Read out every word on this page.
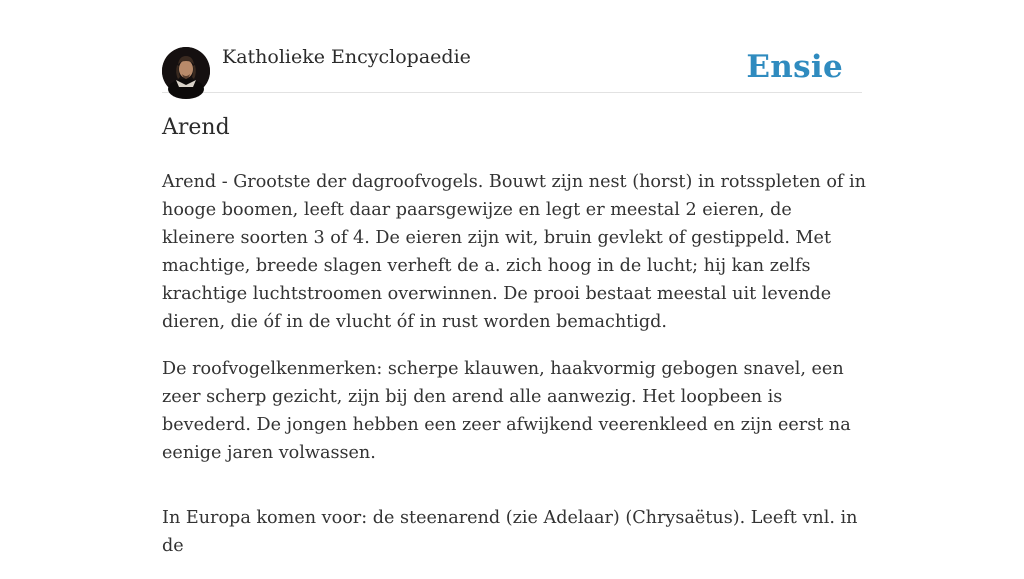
Katholieke Encyclopaedie	Ensie
Arend

Arend - Grootste der dagroofvogels. Bouwt zijn nest (horst) in rotsspleten of in hooge boomen, leeft daar paarsgewijze en legt er meestal 2 eieren, de kleinere soorten 3 of 4. De eieren zijn wit, bruin gevlekt of gestippeld. Met machtige, breede slagen verheft de a. zich hoog in de lucht; hij kan zelfs krachtige luchtstroomen overwinnen. De prooi bestaat meestal uit levende dieren, die óf in de vlucht óf in rust worden bemachtigd.

De roofvogelkenmerken: scherpe klauwen, haakvormig gebogen snavel, een zeer scherp gezicht, zijn bij den arend alle aanwezig. Het loopbeen is bevederd. De jongen hebben een zeer afwijkend veerenkleed en zijn eerst na eenige jaren volwassen.

In Europa komen voor: de steenarend (zie Adelaar) (Chrysaëtus). Leeft vnl. in de
